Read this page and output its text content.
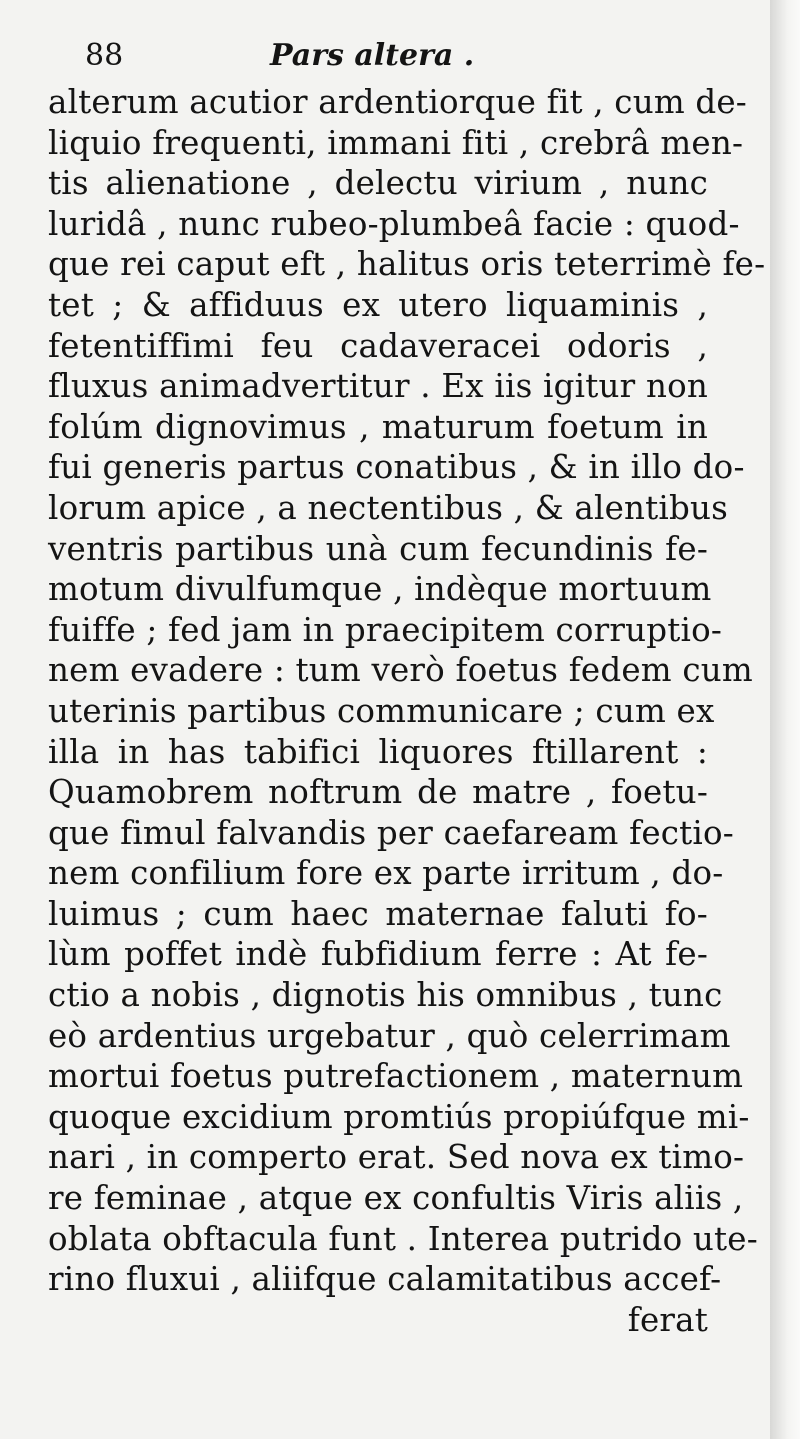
88	Pars altera .
alterum acutior ardentiorque fit , cum de-
liquio frequenti, immani fiti , crebrâ men-
tis alienatione , delectu virium , nunc
luridâ , nunc rubeo-plumbeâ facie : quod-
que rei caput eft , halitus oris teterrimè fe-
tet ; & affiduus ex utero liquaminis ,
fetentiffimi feu cadaveracei odoris ,
fluxus animadvertitur . Ex iis igitur non
folúm dignovimus , maturum foetum in
fui generis partus conatibus , & in illo do-
lorum apice , a nectentibus , & alentibus
ventris partibus unà cum fecundinis fe-
motum divulfumque , indèque mortuum
fuiffe ; fed jam in praecipitem corruptio-
nem evadere : tum verò foetus fedem cum
uterinis partibus communicare ; cum ex
illa in has tabifici liquores ftillarent :
Quamobrem noftrum de matre , foetu-
que fimul falvandis per caefaream fectio-
nem confilium fore ex parte irritum , do-
luimus ; cum haec maternae faluti fo-
lùm poffet indè fubfidium ferre : At fe-
ctio a nobis , dignotis his omnibus , tunc
eò ardentius urgebatur , quò celerrimam
mortui foetus putrefactionem , maternum
quoque excidium promtiús propiúfque mi-
nari , in comperto erat. Sed nova ex timo-
re feminae , atque ex confultis Viris aliis ,
oblata obftacula funt . Interea putrido ute-
rino fluxui , aliifque calamitatibus accef-
ferat
